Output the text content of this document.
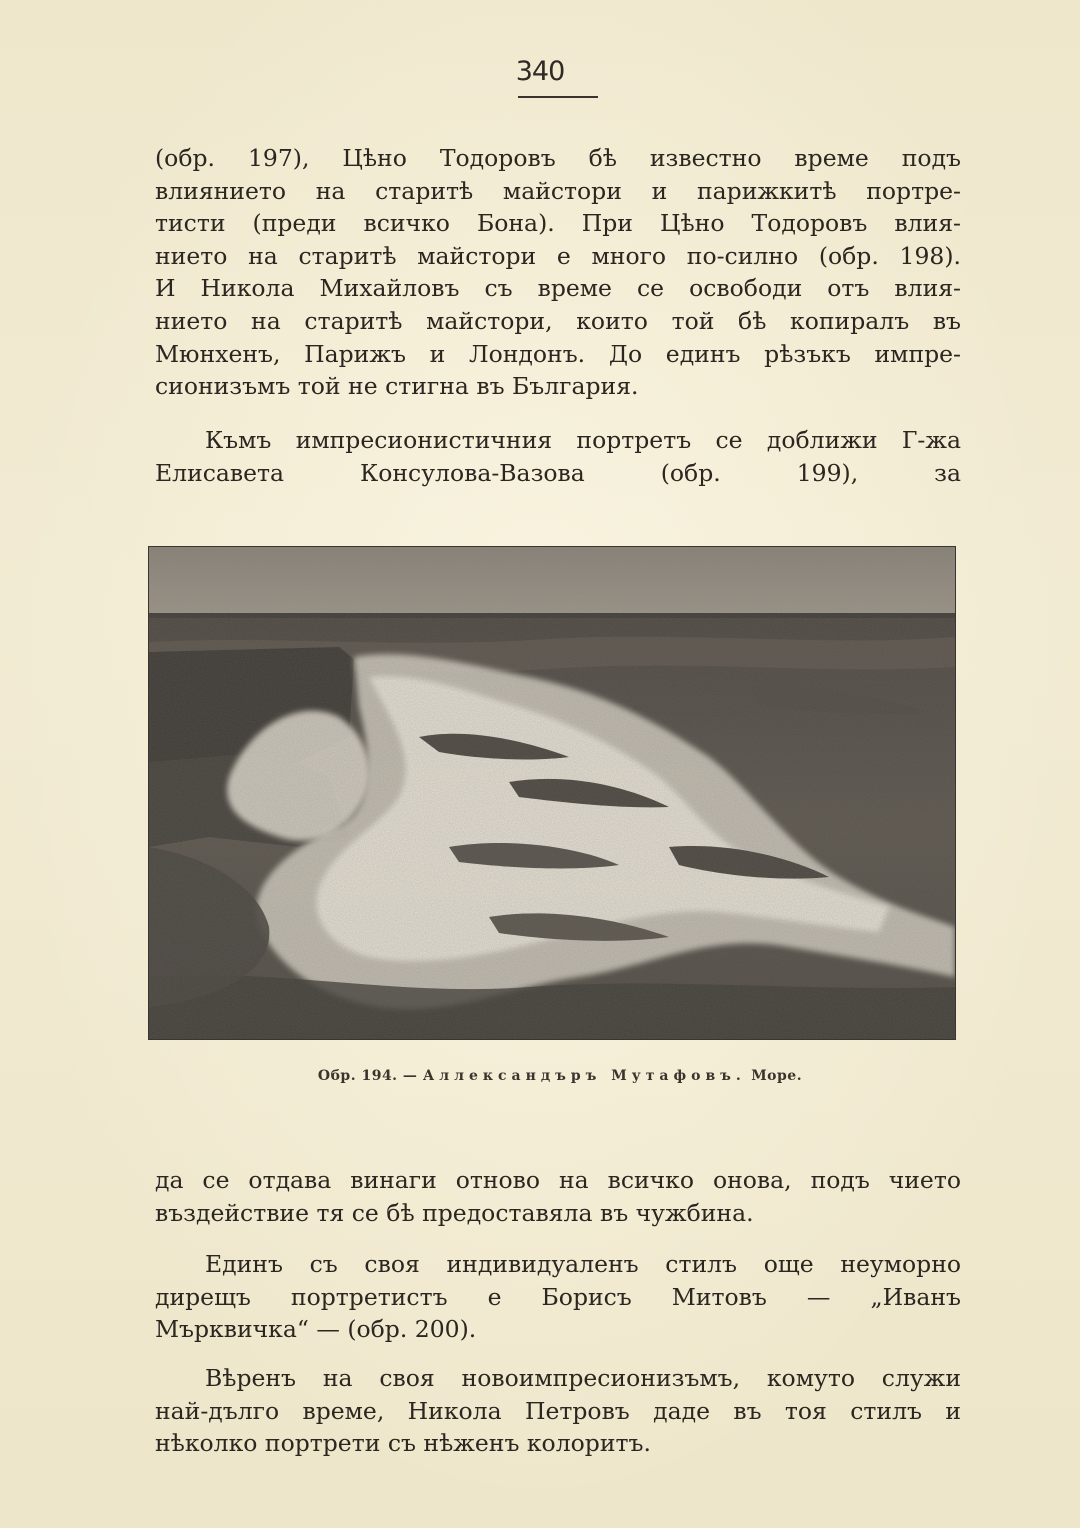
340

(обр. 197), Цѣно Тодоровъ бѣ известно време подъ
влиянието на старитѣ майстори и парижкитѣ портре-
тисти (преди всичко Бона). При Цѣно Тодоровъ влия-
нието на старитѣ майстори е много по-силно (обр. 198).
И Никола Михайловъ съ време се освободи отъ влия-
нието на старитѣ майстори, които той бѣ копиралъ въ
Мюнхенъ, Парижъ и Лондонъ. До единъ рѣзъкъ импре-
сионизъмъ той не стигна въ България.

Къмъ импресионистичния портретъ се доближи Г-жа
Елисавета Консулова-Вазова (обр. 199), за

Обр. 194. — Аллександъръ Мутафовъ. Море.

да се отдава винаги отново на всичко онова, подъ чието
въздействие тя се бѣ предоставяла въ чужбина.

Единъ съ своя индивидуаленъ стилъ още неуморно
дирещъ портретистъ е Борисъ Митовъ — „Иванъ
Мърквичка“ — (обр. 200).

Вѣренъ на своя новоимпресионизъмъ, комуто служи
най-дълго време, Никола Петровъ даде въ тоя стилъ и
нѣколко портрети съ нѣженъ колоритъ.
